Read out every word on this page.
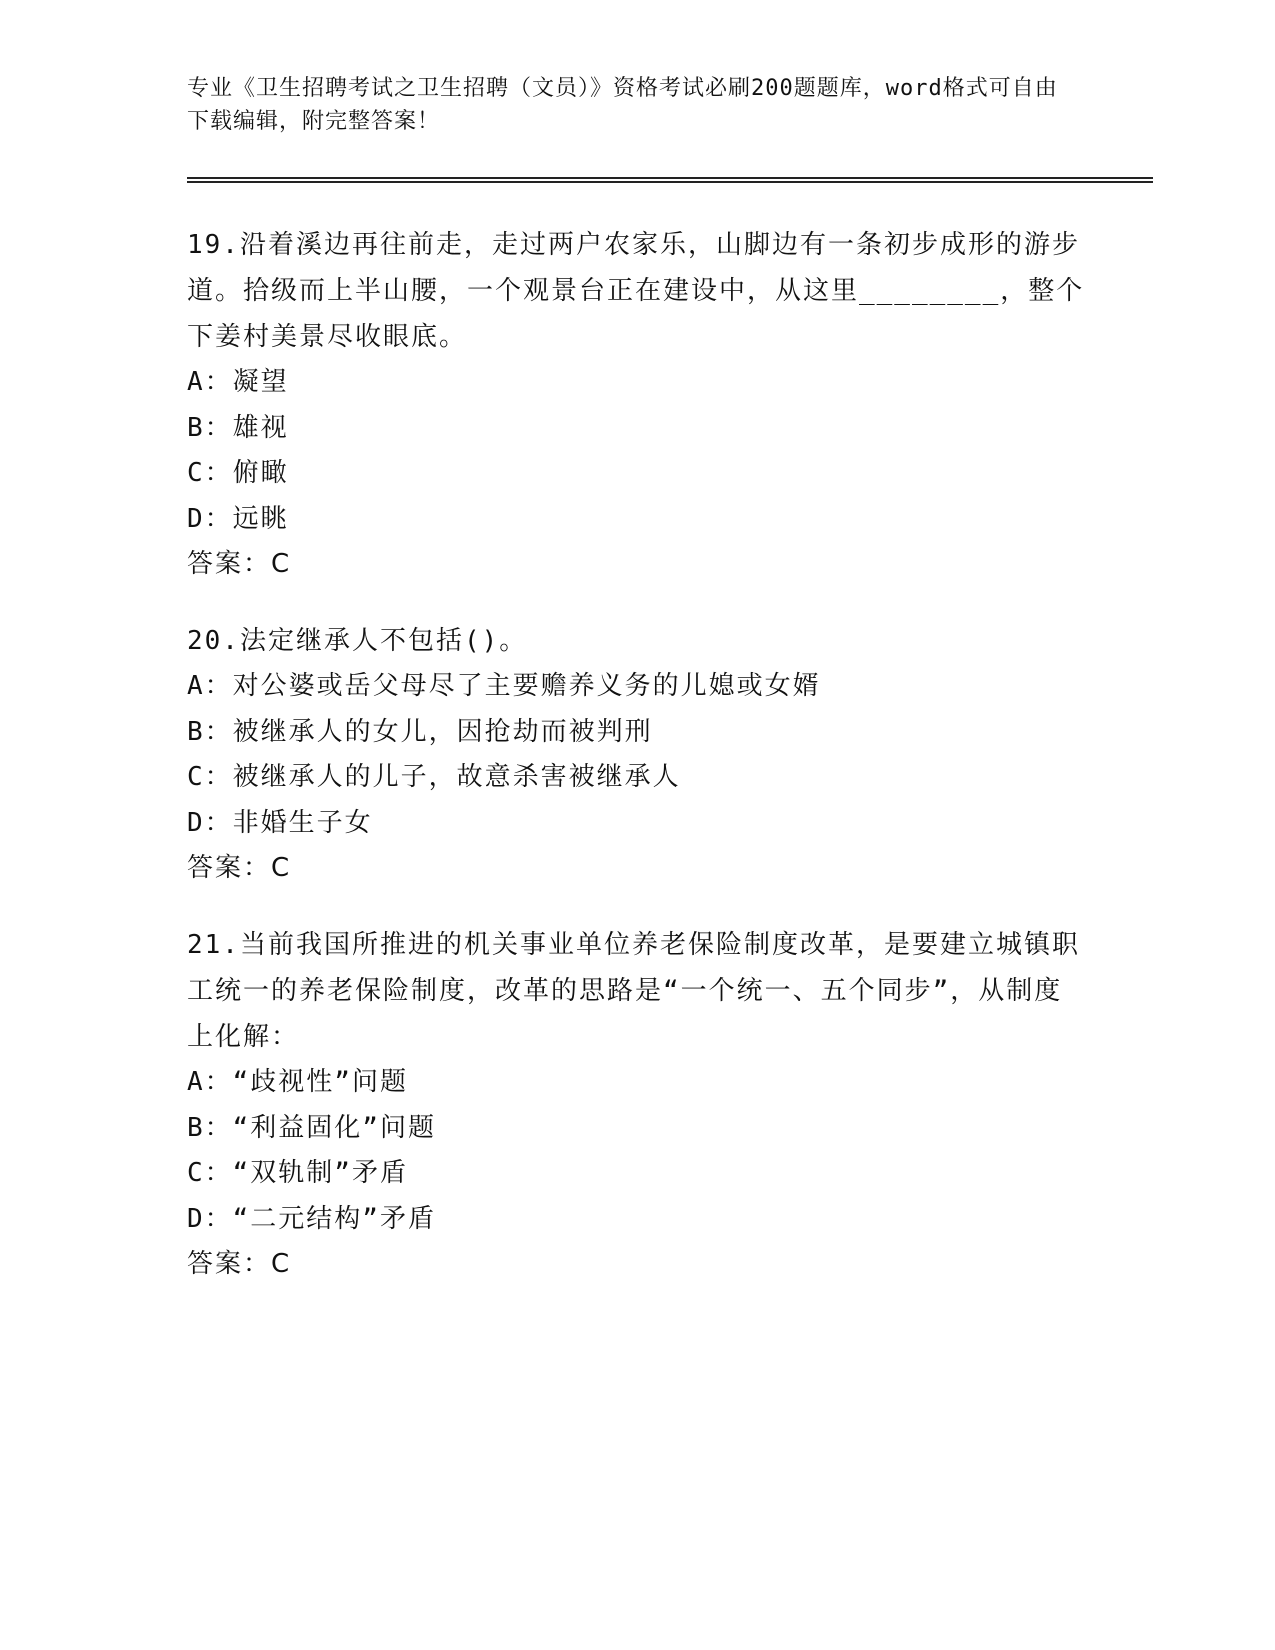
专业《卫生招聘考试之卫生招聘（文员）》资格考试必刷200题题库，word格式可自由下载编辑，附完整答案！
19.沿着溪边再往前走，走过两户农家乐，山脚边有一条初步成形的游步道。拾级而上半山腰，一个观景台正在建设中，从这里________，整个下姜村美景尽收眼底。
A：凝望
B：雄视
C：俯瞰
D：远眺
答案：C
20.法定继承人不包括()。
A：对公婆或岳父母尽了主要赡养义务的儿媳或女婿
B：被继承人的女儿，因抢劫而被判刑
C：被继承人的儿子，故意杀害被继承人
D：非婚生子女
答案：C
21.当前我国所推进的机关事业单位养老保险制度改革，是要建立城镇职工统一的养老保险制度，改革的思路是“一个统一、五个同步”，从制度上化解：
A：“歧视性”问题
B：“利益固化”问题
C：“双轨制”矛盾
D：“二元结构”矛盾
答案：C
